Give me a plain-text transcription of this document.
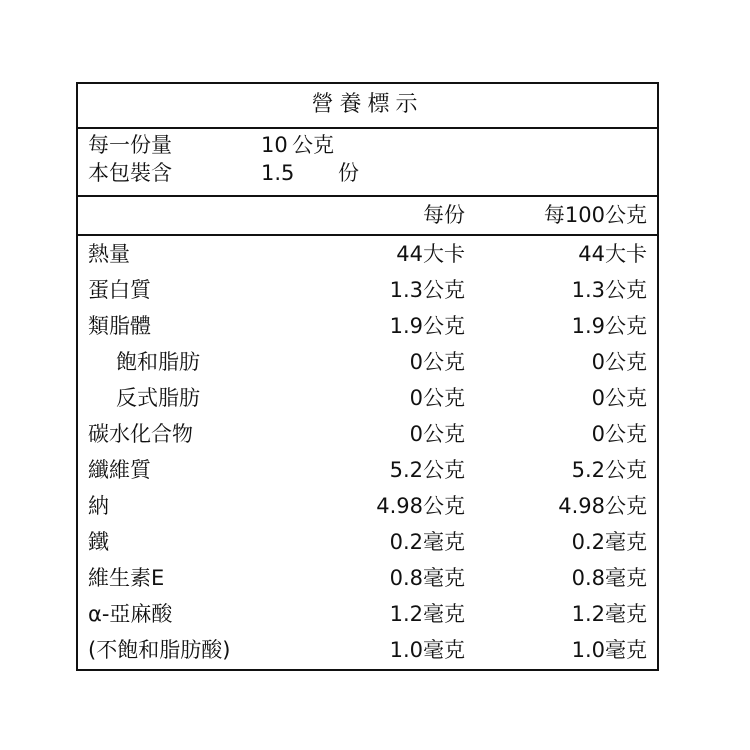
營養標示
每一份量	10 公克
本包裝含	1.5 份
每份	每100公克
熱量	44大卡	44大卡
蛋白質	1.3公克	1.3公克
類脂體	1.9公克	1.9公克
飽和脂肪	0公克	0公克
反式脂肪	0公克	0公克
碳水化合物	0公克	0公克
纖維質	5.2公克	5.2公克
納	4.98公克	4.98公克
鐵	0.2毫克	0.2毫克
維生素E	0.8毫克	0.8毫克
α-亞麻酸	1.2毫克	1.2毫克
(不飽和脂肪酸)	1.0毫克	1.0毫克
